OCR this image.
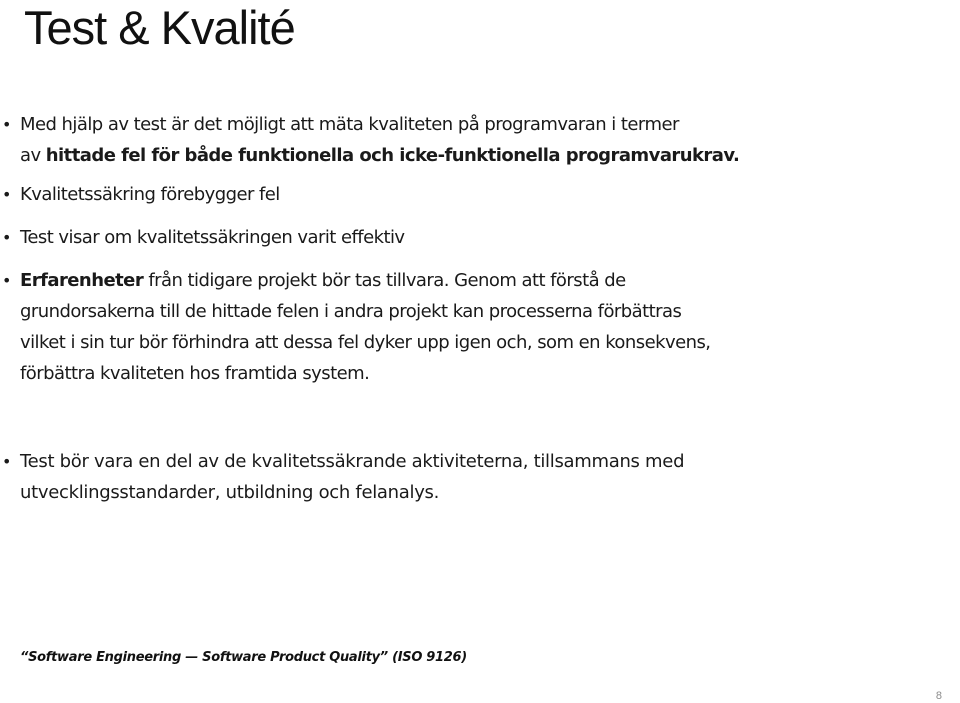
Test & Kvalité
• Med hjälp av test är det möjligt att mäta kvaliteten på programvaran i termer
av hittade fel för både funktionella och icke-funktionella programvarukrav.
• Kvalitetssäkring förebygger fel
• Test visar om kvalitetssäkringen varit effektiv
• Erfarenheter från tidigare projekt bör tas tillvara. Genom att förstå de
grundorsakerna till de hittade felen i andra projekt kan processerna förbättras
vilket i sin tur bör förhindra att dessa fel dyker upp igen och, som en konsekvens,
förbättra kvaliteten hos framtida system.
• Test bör vara en del av de kvalitetssäkrande aktiviteterna, tillsammans med
utvecklingsstandarder, utbildning och felanalys.
“Software Engineering — Software Product Quality” (ISO 9126)
8
